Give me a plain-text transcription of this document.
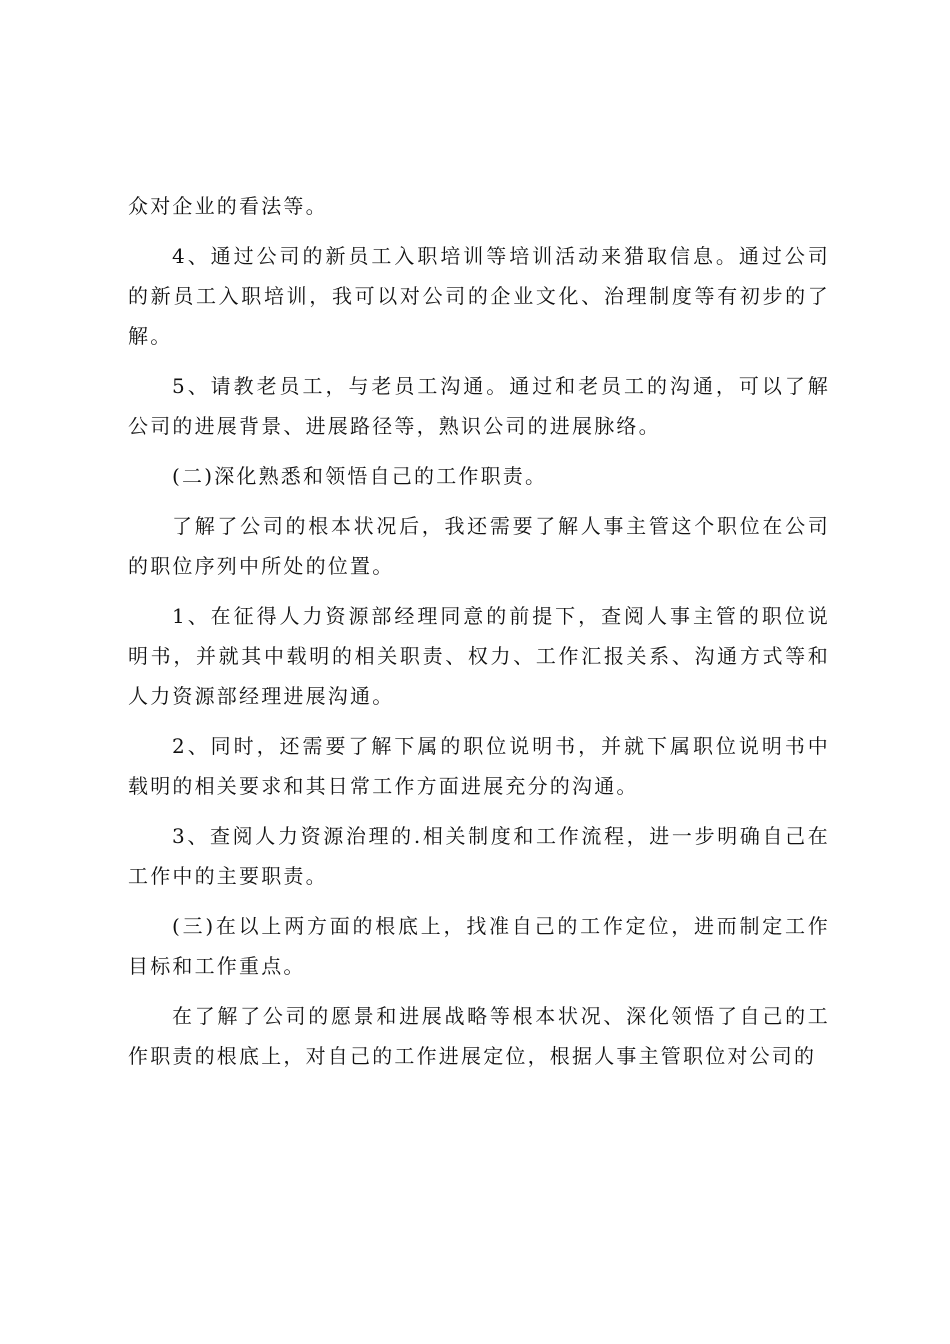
众对企业的看法等。

4、通过公司的新员工入职培训等培训活动来猎取信息。通过公司的新员工入职培训，我可以对公司的企业文化、治理制度等有初步的了解。

5、请教老员工，与老员工沟通。通过和老员工的沟通，可以了解公司的进展背景、进展路径等，熟识公司的进展脉络。

(二)深化熟悉和领悟自己的工作职责。

了解了公司的根本状况后，我还需要了解人事主管这个职位在公司的职位序列中所处的位置。

1、在征得人力资源部经理同意的前提下，查阅人事主管的职位说明书，并就其中载明的相关职责、权力、工作汇报关系、沟通方式等和人力资源部经理进展沟通。

2、同时，还需要了解下属的职位说明书，并就下属职位说明书中载明的相关要求和其日常工作方面进展充分的沟通。

3、查阅人力资源治理的.相关制度和工作流程，进一步明确自己在工作中的主要职责。

(三)在以上两方面的根底上，找准自己的工作定位，进而制定工作目标和工作重点。

在了解了公司的愿景和进展战略等根本状况、深化领悟了自己的工作职责的根底上，对自己的工作进展定位，根据人事主管职位对公司的
